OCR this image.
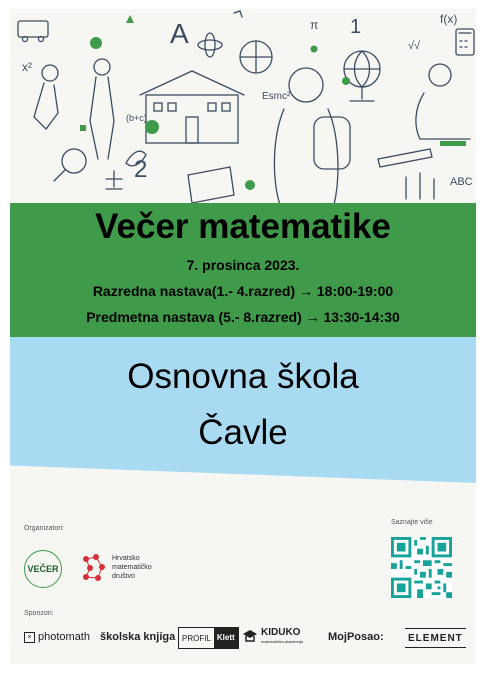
A	1
2
f(x)
√√
Esmc²
(b+c)
ABC
x²
π
Večer matematike
7. prosinca 2023.
Razredna nastava(1.- 4.razred) → 18:00-19:00
Predmetna nastava (5.- 8.razred) → 13:30-14:30
Osnovna škola
Čavle
Organizatori:
VEČER
Hrvatsko
matematičko
društvo
Saznajte više
Sponzori:
× photomath školska knjiga PROFIL Klett	KIDUKO
matematička akademija MojPosao: ELEMENT
